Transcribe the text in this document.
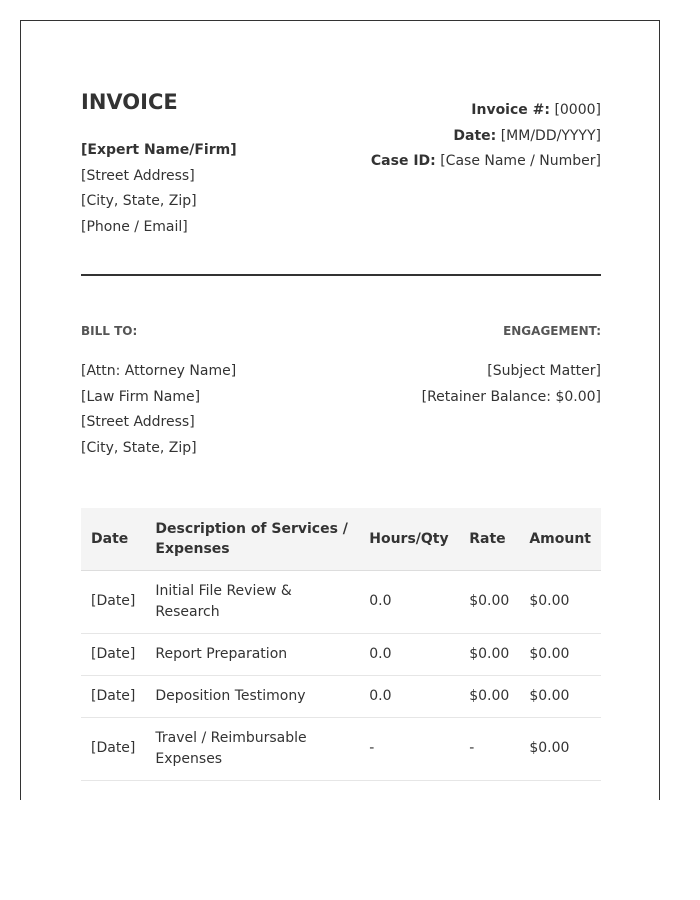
INVOICE
[Expert Name/Firm]
[Street Address]
[City, State, Zip]
[Phone / Email]
Invoice #: [0000]
Date: [MM/DD/YYYY]
Case ID: [Case Name / Number]
BILL TO:	ENGAGEMENT:
[Attn: Attorney Name]
[Law Firm Name]
[Street Address]
[City, State, Zip]
[Subject Matter]
[Retainer Balance: $0.00]
Date	Description of Services / Expenses	Hours/Qty	Rate	Amount
[Date]	Initial File Review & Research	0.0	$0.00	$0.00
[Date]	Report Preparation	0.0	$0.00	$0.00
[Date]	Deposition Testimony	0.0	$0.00	$0.00
[Date]	Travel / Reimbursable Expenses	-	-	$0.00
